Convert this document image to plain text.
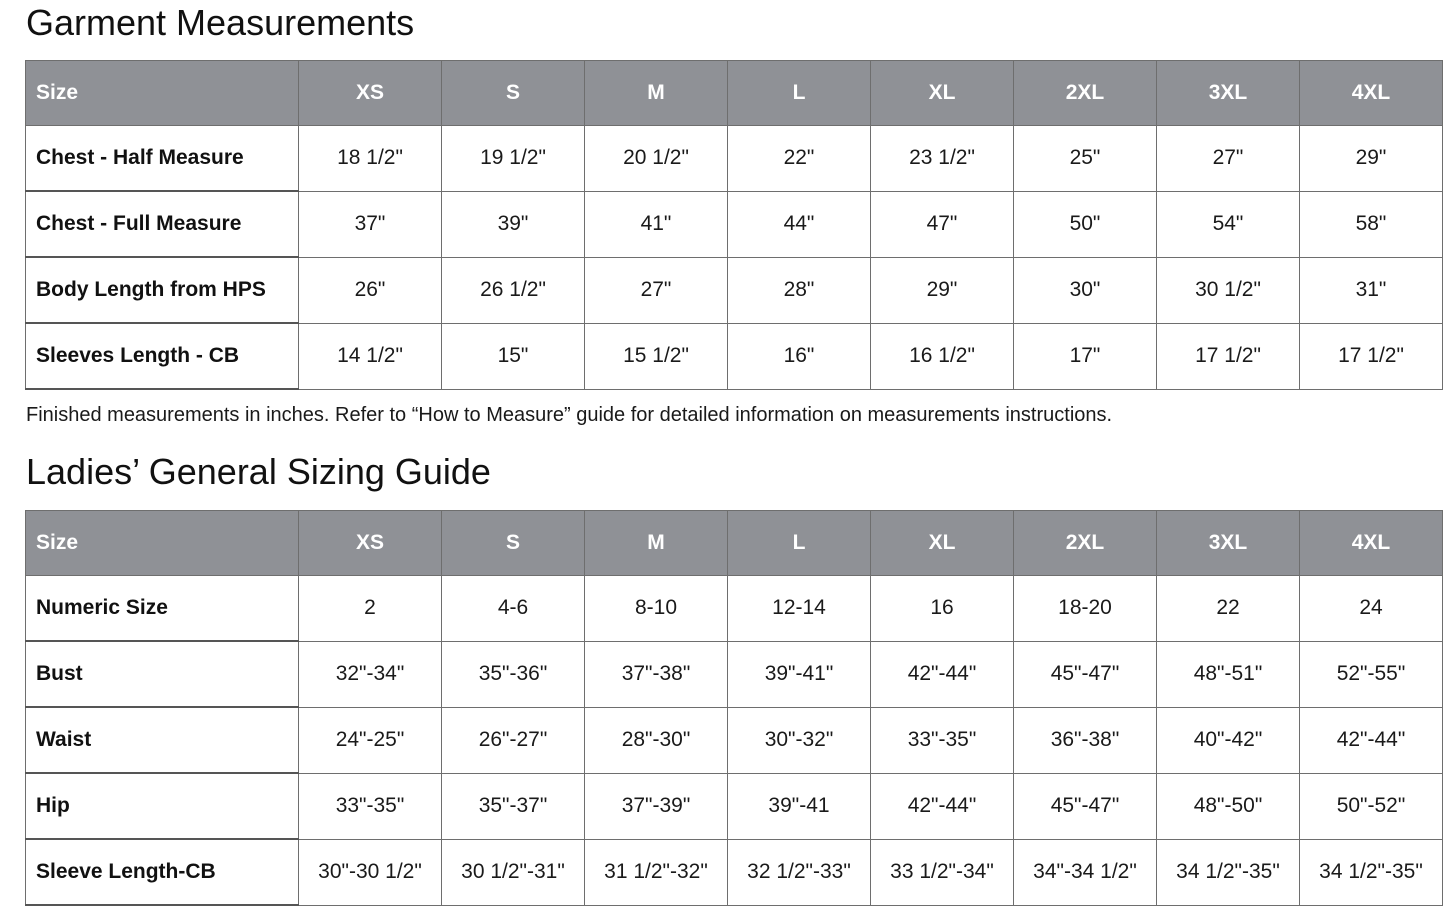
Garment Measurements
Size	XS	S	M	L	XL	2XL	3XL	4XL
Chest - Half Measure	18 1/2"	19 1/2"	20 1/2"	22"	23 1/2"	25"	27"	29"
Chest - Full Measure	37"	39"	41"	44"	47"	50"	54"	58"
Body Length from HPS	26"	26 1/2"	27"	28"	29"	30"	30 1/2"	31"
Sleeves Length - CB	14 1/2"	15"	15 1/2"	16"	16 1/2"	17"	17 1/2"	17 1/2"

Finished measurements in inches. Refer to “How to Measure” guide for detailed information on measurements instructions.

Ladies’ General Sizing Guide
Size	XS	S	M	L	XL	2XL	3XL	4XL
Numeric Size	2	4-6	8-10	12-14	16	18-20	22	24
Bust	32"-34"	35"-36"	37"-38"	39"-41"	42"-44"	45"-47"	48"-51"	52"-55"
Waist	24"-25"	26"-27"	28"-30"	30"-32"	33"-35"	36"-38"	40"-42"	42"-44"
Hip	33"-35"	35"-37"	37"-39"	39"-41	42"-44"	45"-47"	48"-50"	50"-52"
Sleeve Length-CB	30"-30 1/2"	30 1/2"-31"	31 1/2"-32"	32 1/2"-33"	33 1/2"-34"	34"-34 1/2"	34 1/2"-35"	34 1/2"-35"
